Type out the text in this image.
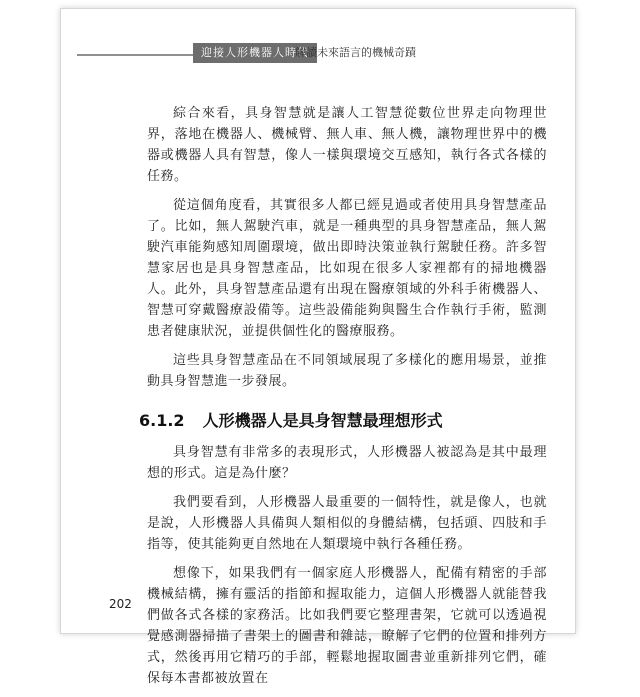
迎接人形機器人時代
解讀未來語言的機械奇蹟

綜合來看，具身智慧就是讓人工智慧從數位世界走向物理世界，落地在機器人、機械臂、無人車、無人機，讓物理世界中的機器或機器人具有智慧，像人一樣與環境交互感知，執行各式各樣的任務。

從這個角度看，其實很多人都已經見過或者使用具身智慧產品了。比如，無人駕駛汽車，就是一種典型的具身智慧產品，無人駕駛汽車能夠感知周圍環境，做出即時決策並執行駕駛任務。許多智慧家居也是具身智慧產品，比如現在很多人家裡都有的掃地機器人。此外，具身智慧產品還有出現在醫療領域的外科手術機器人、智慧可穿戴醫療設備等。這些設備能夠與醫生合作執行手術，監測患者健康狀況，並提供個性化的醫療服務。

這些具身智慧產品在不同領域展現了多樣化的應用場景，並推動具身智慧進一步發展。

6.1.2 人形機器人是具身智慧最理想形式

具身智慧有非常多的表現形式，人形機器人被認為是其中最理想的形式。這是為什麼？

我們要看到，人形機器人最重要的一個特性，就是像人，也就是說，人形機器人具備與人類相似的身體結構，包括頭、四肢和手指等，使其能夠更自然地在人類環境中執行各種任務。

想像下，如果我們有一個家庭人形機器人，配備有精密的手部機械結構，擁有靈活的指節和握取能力，這個人形機器人就能替我們做各式各樣的家務活。比如我們要它整理書架，它就可以透過視覺感測器掃描了書架上的圖書和雜誌，瞭解了它們的位置和排列方式，然後再用它精巧的手部，輕鬆地握取圖書並重新排列它們，確保每本書都被放置在

202
